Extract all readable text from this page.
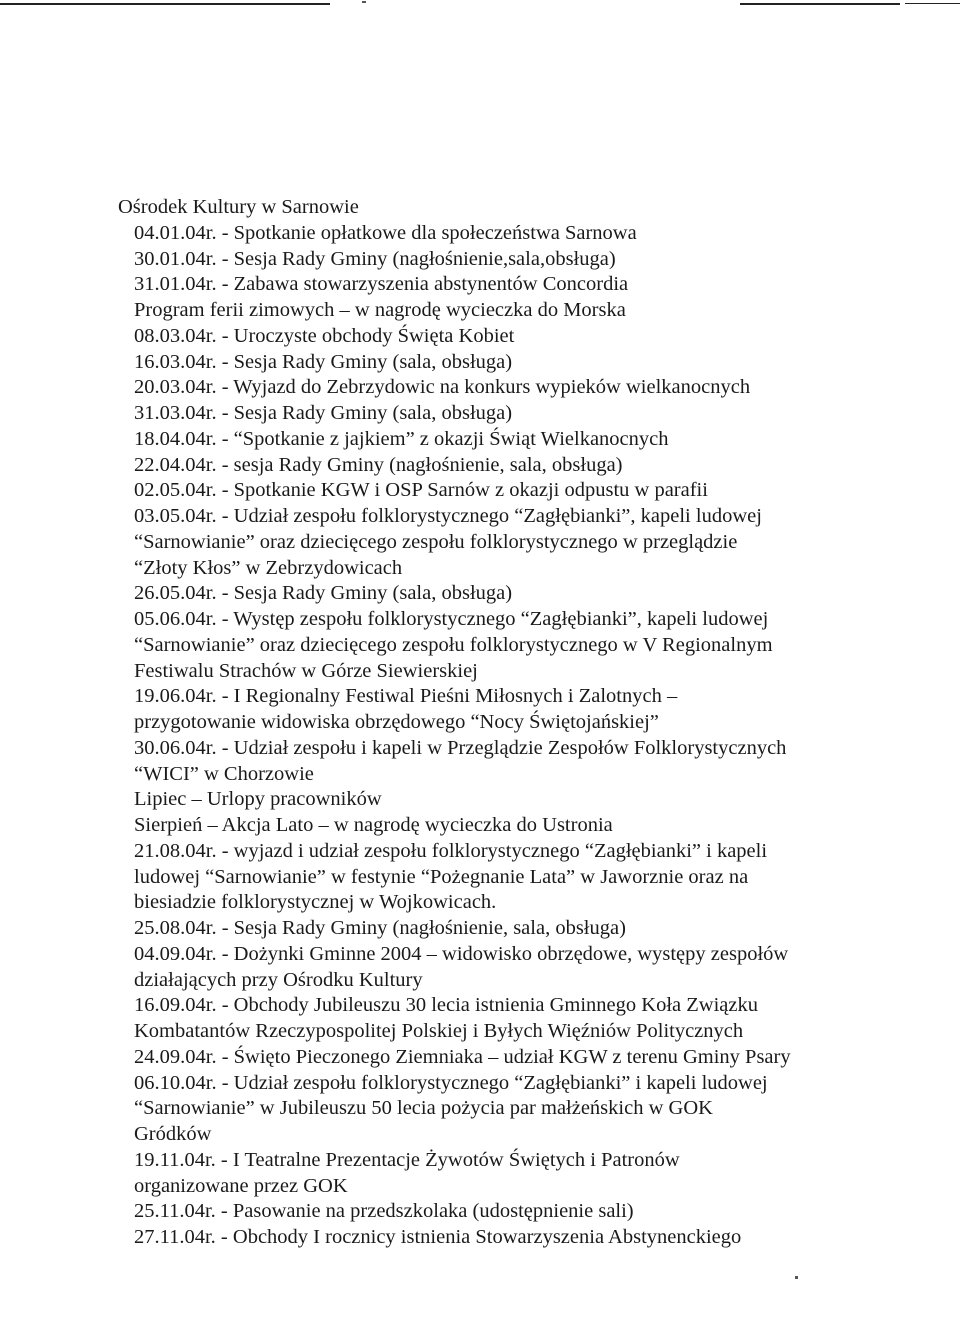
Ośrodek Kultury w Sarnowie
04.01.04r. - Spotkanie opłatkowe dla społeczeństwa Sarnowa
30.01.04r. - Sesja Rady Gminy (nagłośnienie,sala,obsługa)
31.01.04r. - Zabawa stowarzyszenia abstynentów Concordia
Program ferii zimowych – w nagrodę wycieczka do Morska
08.03.04r. - Uroczyste obchody Święta Kobiet
16.03.04r. - Sesja Rady Gminy (sala, obsługa)
20.03.04r. - Wyjazd do Zebrzydowic na konkurs wypieków wielkanocnych
31.03.04r. - Sesja Rady Gminy (sala, obsługa)
18.04.04r. - “Spotkanie z jajkiem” z okazji Świąt Wielkanocnych
22.04.04r. - sesja Rady Gminy (nagłośnienie, sala, obsługa)
02.05.04r. - Spotkanie KGW i OSP Sarnów z okazji odpustu w parafii
03.05.04r. - Udział zespołu folklorystycznego “Zagłębianki”, kapeli ludowej
“Sarnowianie” oraz dziecięcego zespołu folklorystycznego w przeglądzie
“Złoty Kłos” w Zebrzydowicach
26.05.04r. - Sesja Rady Gminy (sala, obsługa)
05.06.04r. - Występ zespołu folklorystycznego “Zagłębianki”, kapeli ludowej
“Sarnowianie” oraz dziecięcego zespołu folklorystycznego w V Regionalnym
Festiwalu Strachów w Górze Siewierskiej
19.06.04r. - I Regionalny Festiwal Pieśni Miłosnych i Zalotnych –
przygotowanie widowiska obrzędowego “Nocy Świętojańskiej”
30.06.04r. - Udział zespołu i kapeli w Przeglądzie Zespołów Folklorystycznych
“WICI” w Chorzowie
Lipiec – Urlopy pracowników
Sierpień – Akcja Lato – w nagrodę wycieczka do Ustronia
21.08.04r. - wyjazd i udział zespołu folklorystycznego “Zagłębianki” i kapeli
ludowej “Sarnowianie” w festynie “Pożegnanie Lata” w Jaworznie oraz na
biesiadzie folklorystycznej w Wojkowicach.
25.08.04r. - Sesja Rady Gminy (nagłośnienie, sala, obsługa)
04.09.04r. - Dożynki Gminne 2004 – widowisko obrzędowe, występy zespołów
działających przy Ośrodku Kultury
16.09.04r. - Obchody Jubileuszu 30 lecia istnienia Gminnego Koła Związku
Kombatantów Rzeczypospolitej Polskiej i Byłych Więźniów Politycznych
24.09.04r. - Święto Pieczonego Ziemniaka – udział KGW z terenu Gminy Psary
06.10.04r. - Udział zespołu folklorystycznego “Zagłębianki” i kapeli ludowej
“Sarnowianie” w Jubileuszu 50 lecia pożycia par małżeńskich w GOK
Gródków
19.11.04r. - I Teatralne Prezentacje Żywotów Świętych i Patronów
organizowane przez GOK
25.11.04r. - Pasowanie na przedszkolaka (udostępnienie sali)
27.11.04r. - Obchody I rocznicy istnienia Stowarzyszenia Abstynenckiego
